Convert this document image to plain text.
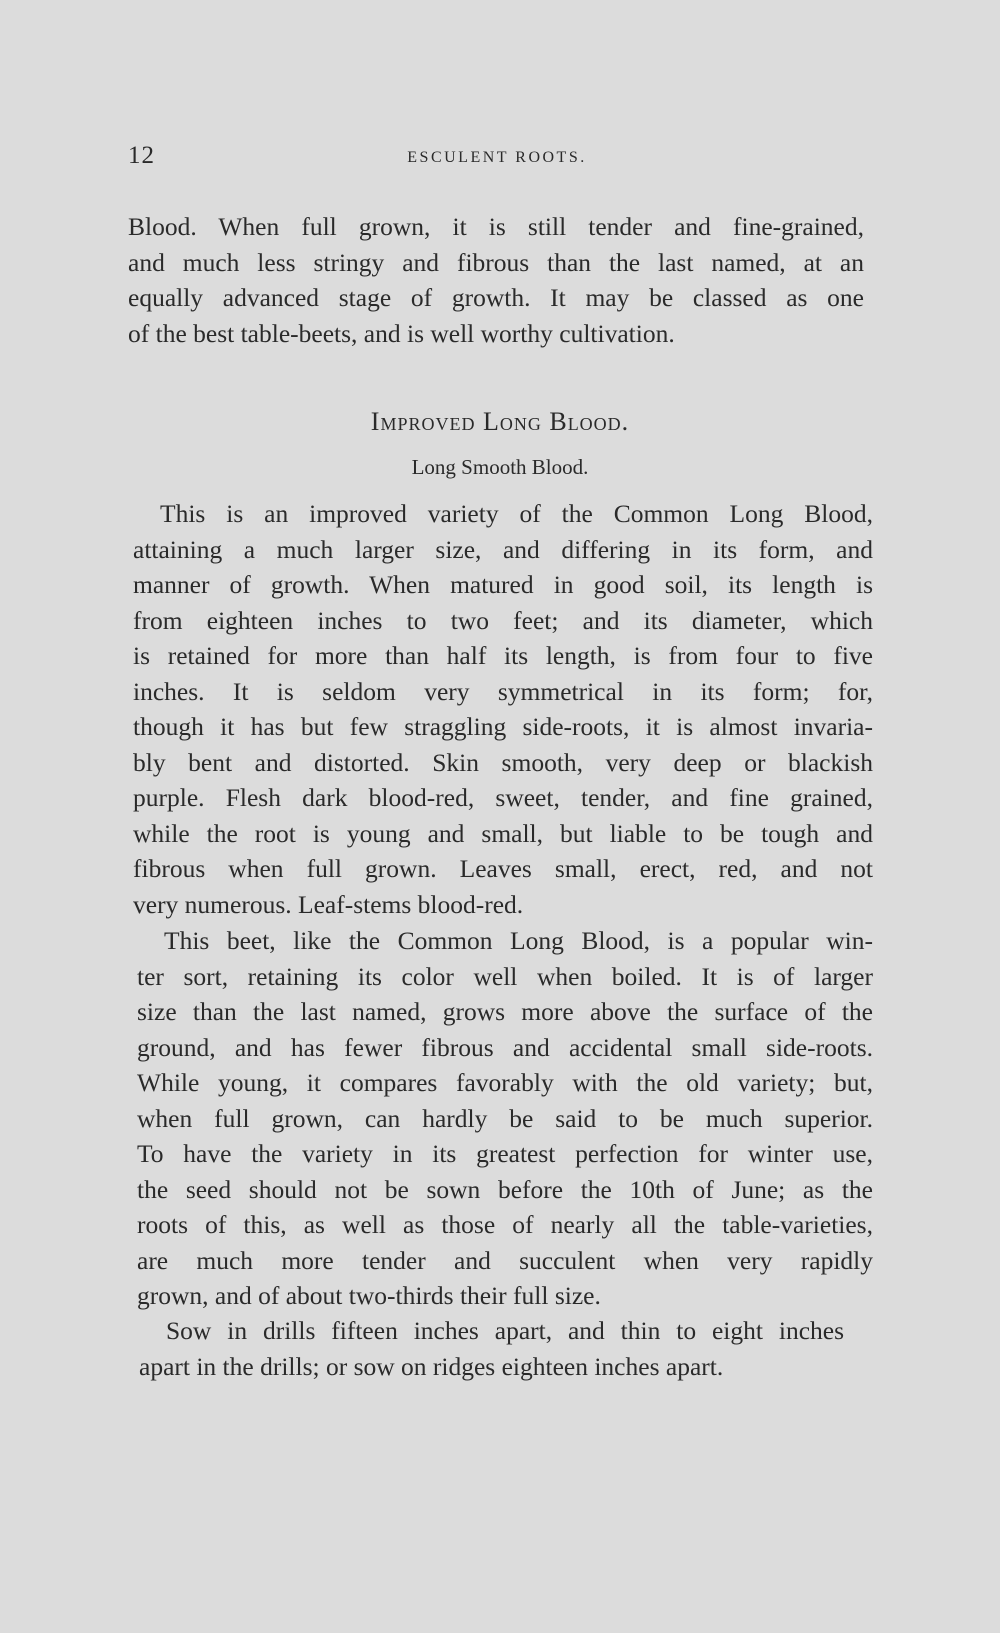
12	ESCULENT ROOTS.

Blood. When full grown, it is still tender and fine-grained,
and much less stringy and fibrous than the last named, at an
equally advanced stage of growth. It may be classed as one
of the best table-beets, and is well worthy cultivation.

Improved Long Blood.
Long Smooth Blood.

This is an improved variety of the Common Long Blood,
attaining a much larger size, and differing in its form, and
manner of growth. When matured in good soil, its length is
from eighteen inches to two feet; and its diameter, which
is retained for more than half its length, is from four to five
inches. It is seldom very symmetrical in its form; for,
though it has but few straggling side-roots, it is almost invaria-
bly bent and distorted. Skin smooth, very deep or blackish
purple. Flesh dark blood-red, sweet, tender, and fine grained,
while the root is young and small, but liable to be tough and
fibrous when full grown. Leaves small, erect, red, and not
very numerous. Leaf-stems blood-red.

This beet, like the Common Long Blood, is a popular win-
ter sort, retaining its color well when boiled. It is of larger
size than the last named, grows more above the surface of the
ground, and has fewer fibrous and accidental small side-roots.
While young, it compares favorably with the old variety; but,
when full grown, can hardly be said to be much superior.
To have the variety in its greatest perfection for winter use,
the seed should not be sown before the 10th of June; as the
roots of this, as well as those of nearly all the table-varieties,
are much more tender and succulent when very rapidly
grown, and of about two-thirds their full size.

Sow in drills fifteen inches apart, and thin to eight inches
apart in the drills; or sow on ridges eighteen inches apart.
